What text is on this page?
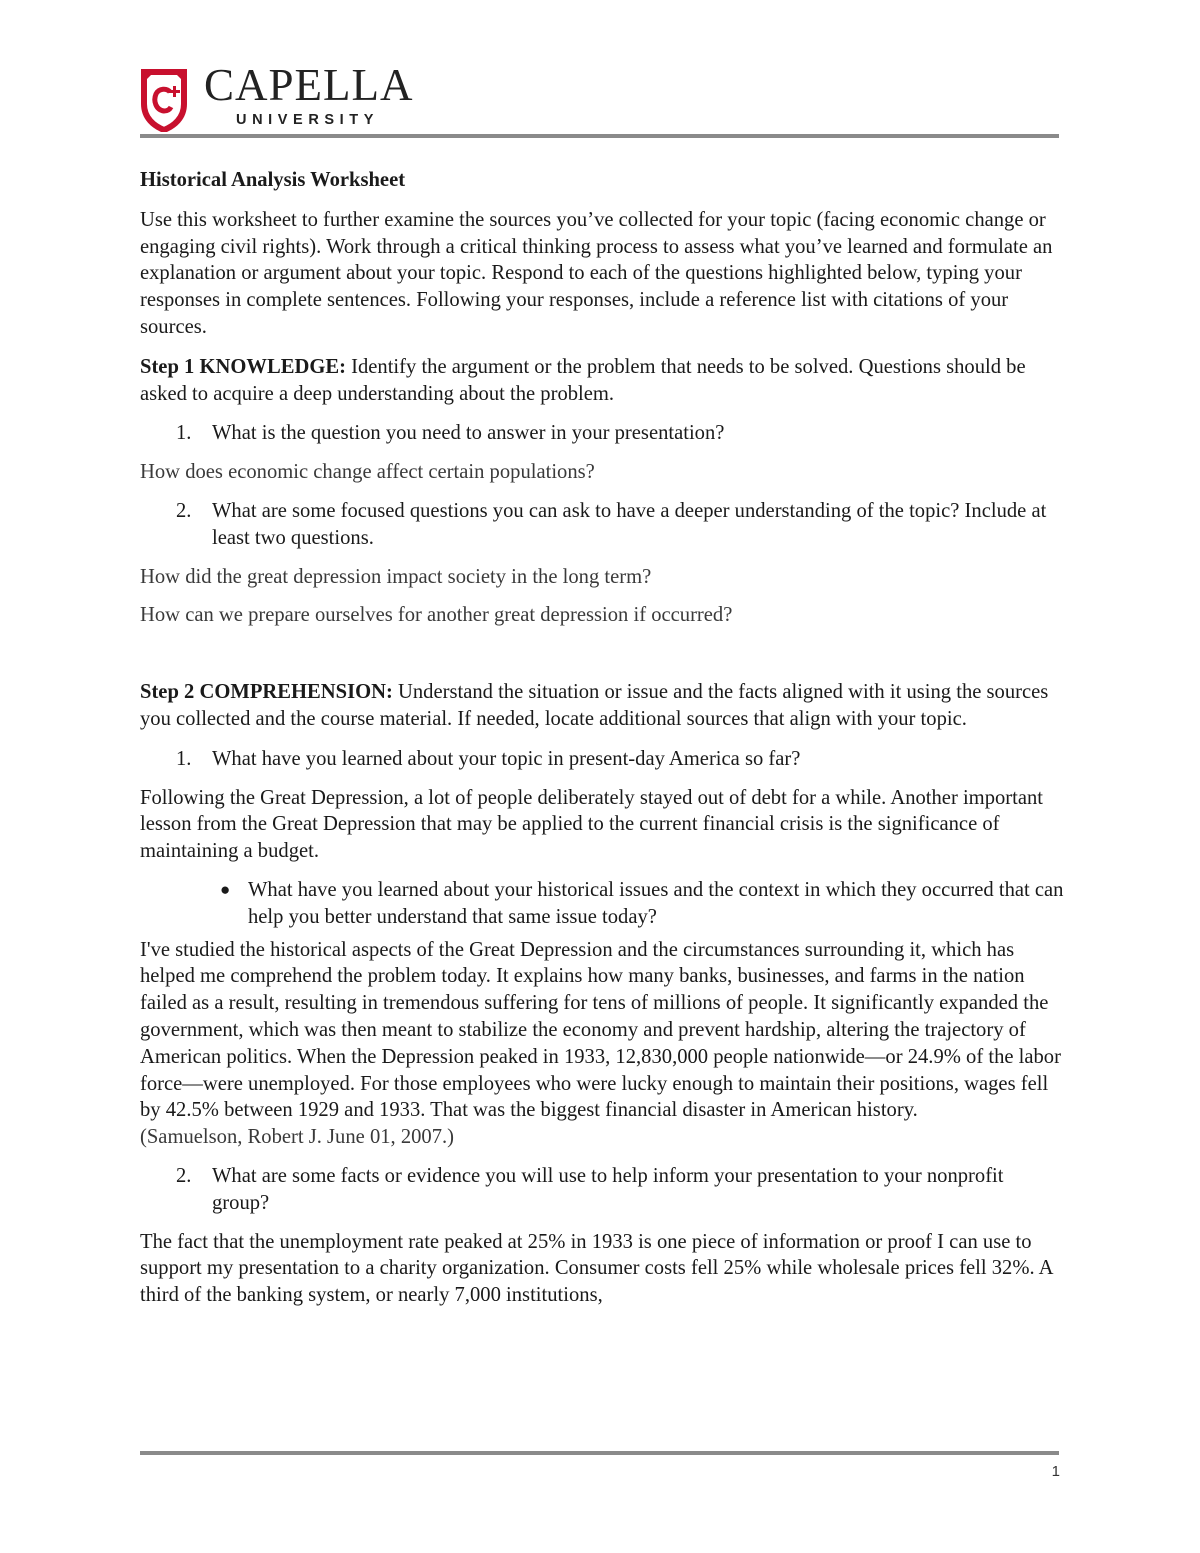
CAPELLA
UNIVERSITY

Historical Analysis Worksheet

Use this worksheet to further examine the sources you’ve collected for your topic (facing economic change or engaging civil rights). Work through a critical thinking process to assess what you’ve learned and formulate an explanation or argument about your topic. Respond to each of the questions highlighted below, typing your responses in complete sentences. Following your responses, include a reference list with citations of your sources.

Step 1 KNOWLEDGE: Identify the argument or the problem that needs to be solved. Questions should be asked to acquire a deep understanding about the problem.

1. What is the question you need to answer in your presentation?

How does economic change affect certain populations?

2. What are some focused questions you can ask to have a deeper understanding of the topic? Include at least two questions.

How did the great depression impact society in the long term?

How can we prepare ourselves for another great depression if occurred?

Step 2 COMPREHENSION: Understand the situation or issue and the facts aligned with it using the sources you collected and the course material. If needed, locate additional sources that align with your topic.

1. What have you learned about your topic in present-day America so far?

Following the Great Depression, a lot of people deliberately stayed out of debt for a while. Another important lesson from the Great Depression that may be applied to the current financial crisis is the significance of maintaining a budget.

● What have you learned about your historical issues and the context in which they occurred that can help you better understand that same issue today?

I've studied the historical aspects of the Great Depression and the circumstances surrounding it, which has helped me comprehend the problem today. It explains how many banks, businesses, and farms in the nation failed as a result, resulting in tremendous suffering for tens of millions of people. It significantly expanded the government, which was then meant to stabilize the economy and prevent hardship, altering the trajectory of American politics. When the Depression peaked in 1933, 12,830,000 people nationwide—or 24.9% of the labor force—were unemployed. For those employees who were lucky enough to maintain their positions, wages fell by 42.5% between 1929 and 1933. That was the biggest financial disaster in American history.

(Samuelson, Robert J. June 01, 2007.)

2. What are some facts or evidence you will use to help inform your presentation to your nonprofit group?

The fact that the unemployment rate peaked at 25% in 1933 is one piece of information or proof I can use to support my presentation to a charity organization. Consumer costs fell 25% while wholesale prices fell 32%. A third of the banking system, or nearly 7,000 institutions,

1
